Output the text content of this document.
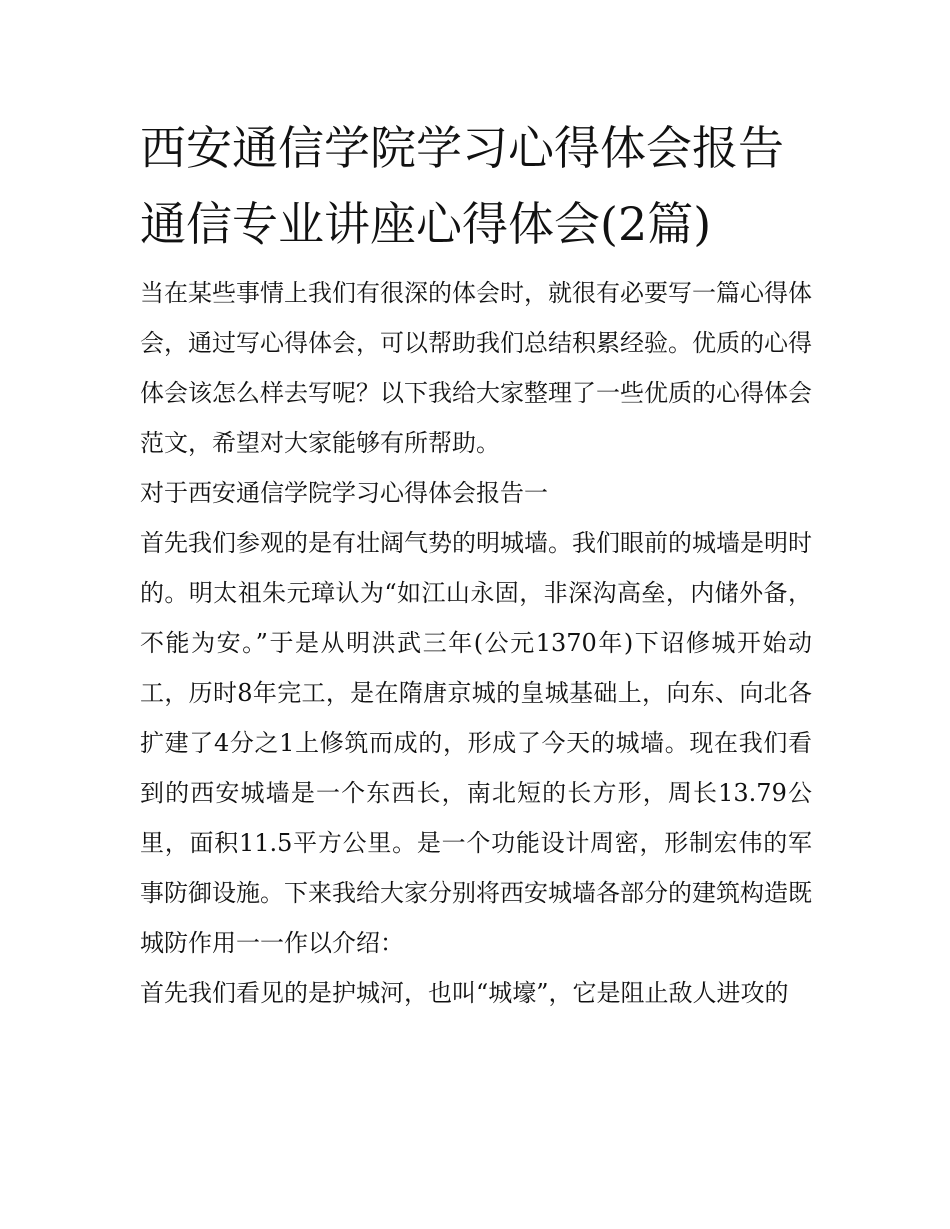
西安通信学院学习心得体会报告 通信专业讲座心得体会(2篇)

当在某些事情上我们有很深的体会时，就很有必要写一篇心得体会，通过写心得体会，可以帮助我们总结积累经验。优质的心得体会该怎么样去写呢？以下我给大家整理了一些优质的心得体会范文，希望对大家能够有所帮助。

对于西安通信学院学习心得体会报告一

首先我们参观的是有壮阔气势的明城墙。我们眼前的城墙是明时的。明太祖朱元璋认为“如江山永固，非深沟高垒，内储外备，不能为安。”于是从明洪武三年(公元1370年)下诏修城开始动工，历时8年完工，是在隋唐京城的皇城基础上，向东、向北各扩建了4分之1上修筑而成的，形成了今天的城墙。现在我们看到的西安城墙是一个东西长，南北短的长方形，周长13.79公里，面积11.5平方公里。是一个功能设计周密，形制宏伟的军事防御设施。下来我给大家分别将西安城墙各部分的建筑构造既城防作用一一作以介绍：

首先我们看见的是护城河，也叫“城壕”，它是阻止敌人进攻的
